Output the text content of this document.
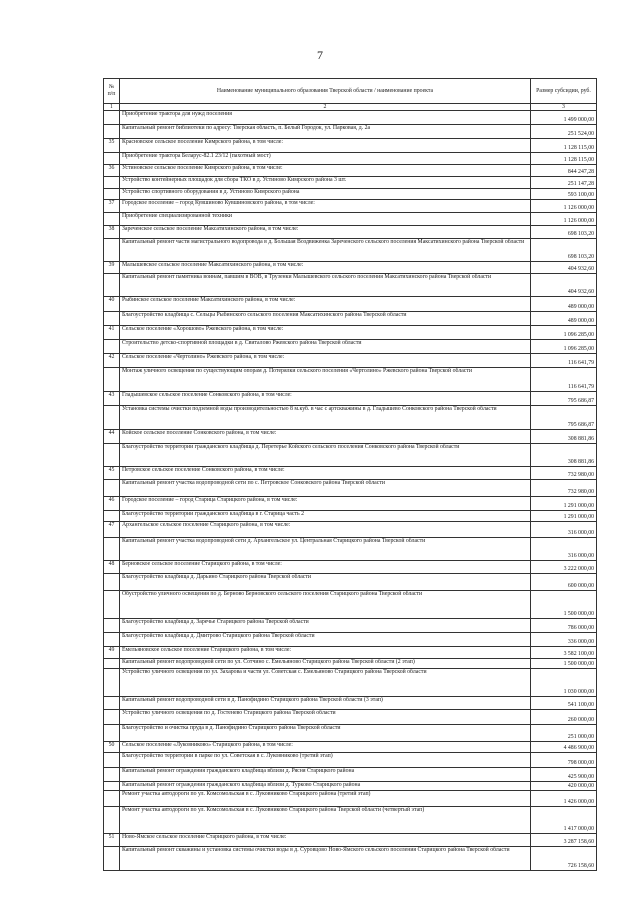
7
№ п/п	Наименование муниципального образования Тверской области / наименование проекта	Размер субсидии, руб.
1	2	3
	Приобретение трактора для нужд поселения	1 499 000,00
	Капитальный ремонт библиотеки по адресу: Тверская область, п. Белый Городок, ул. Парковая, д. 2а	251 524,00
35	Красновское сельское поселение Кимрского района, в том числе:	1 128 115,00
	Приобретение трактора Беларус-82.1 23/12 (пахотный мост)	1 128 115,00
36	Устиновское сельское поселение Кимрского района, в том числе:	844 247,28
	Устройство контейнерных площадок для сбора ТКО в д. Устиново Кимрского района 3 шт.	251 147,28
	Устройство спортивного оборудования в д. Устиново Кимрского района	593 100,00
37	Городское поселение – город Кувшиново Кувшиновского района, в том числе:	1 126 000,00
	Приобретение специализированной техники	1 126 000,00
38	Зареченское сельское поселение Максатихинского района, в том числе:	698 103,20
	Капитальный ремонт части магистрального водопровода в д. Большая Воздвиженка Зареченского сельского поселения Максатихинского района Тверской области	698 103,20
39	Малышевское сельское поселение Максатихинского района, в том числе:	404 932,60
	Капитальный ремонт памятника воинам, павшим в ВОВ, в Трузенки Малышевского сельского поселения Максатихинского района Тверской области	404 932,60
40	Рыбинское сельское поселение Максатихинского района, в том числе:	489 000,00
	Благоустройство кладбища с. Сельцы Рыбинского сельского поселения Максатихинского района Тверской области	489 000,00
41	Сельское поселение «Хорошово» Ржевского района, в том числе:	1 096 285,00
	Строительство детско-спортивной площадки в д. Свиталово Ржевского района Тверской области	1 096 285,00
42	Сельское поселение «Чертолино» Ржевского района, в том числе:	116 641,79
	Монтаж уличного освещения по существующим опорам д. Потерялки сельского поселения «Чертолино» Ржевского района Тверской области	116 641,79
43	Гладышевское сельское поселение Сонковского района, в том числе:	795 686,87
	Установка системы очистки подземной воды производительностью 8 м.куб. в час с артскважины в д. Гладышево Сонковского района Тверской области	795 686,87
44	Койское сельское поселение Сонковского района, в том числе:	308 881,86
	Благоустройство территории гражданского кладбища д. Перетерье Койского сельского поселения Сонковского района Тверской области	308 881,86
45	Петровское сельское поселение Сонковского района, в том числе:	732 980,00
	Капитальный ремонт участка водопроводной сети по с. Петровское Сонковского района Тверской области	732 980,00
46	Городское поселение – город Старица Старицкого района, в том числе:	1 291 000,00
	Благоустройство территории гражданского кладбища в г. Старица часть 2	1 291 000,00
47	Архангельское сельское поселение Старицкого района, в том числе:	316 000,00
	Капитальный ремонт участка водопроводной сети д. Архангельское ул. Центральная Старицкого района Тверской области	316 000,00
48	Берновское сельское поселение Старицкого района, в том числе:	3 222 000,00
	Благоустройство кладбища д. Дарьино Старицкого района Тверской области	600 000,00
	Обустройство уличного освещения по д. Берново Берновского сельского поселения Старицкого района Тверской области	1 500 000,00
	Благоустройство кладбища д. Заречье Старицкого района Тверской области	786 000,00
	Благоустройство кладбища д. Дмитрово Старицкого района Тверской области	336 000,00
49	Емельяновское сельское поселение Старицкого района, в том числе:	3 582 100,00
	Капитальный ремонт водопроводной сети по ул. Сотчино с. Емельяново Старицкого района Тверской области (2 этап)	1 500 000,00
	Устройство уличного освещения по ул. Захарова и части ул. Советская с. Емельяново Старицкого района Тверской области	1 030 000,00
	Капитальный ремонт водопроводной сети в д. Панофидино Старицкого района Тверской области (3 этап)	541 100,00
	Устройство уличного освещения по д. Гостенево Старицкого района Тверской области	260 000,00
	Благоустройство и очистка пруда в д. Панофидино Старицкого района Тверской области	251 000,00
50	Сельское поселение «Луковниково» Старицкого района, в том числе:	4 486 900,00
	Благоустройство территории в парке по ул. Советская в с. Луковниково (третий этап)	798 000,00
	Капитальный ремонт ограждения гражданского кладбища вблизи д. Рясня Старицкого района	425 900,00
	Капитальный ремонт ограждения гражданского кладбища вблизи д. Турково Старицкого района	420 000,00
	Ремонт участка автодороги по ул. Комсомольская в с. Луковниково Старицкого района (третий этап)	1 426 000,00
	Ремонт участка автодороги по ул. Комсомольская в с. Луковниково Старицкого района Тверской области (четвертый этап)	1 417 000,00
51	Ново-Ямское сельское поселение Старицкого района, в том числе:	3 287 158,60
	Капитальный ремонт скважины и установка системы очистки воды в д. Суровцово Ново-Ямского сельского поселения Старицкого района Тверской области	726 158,60
